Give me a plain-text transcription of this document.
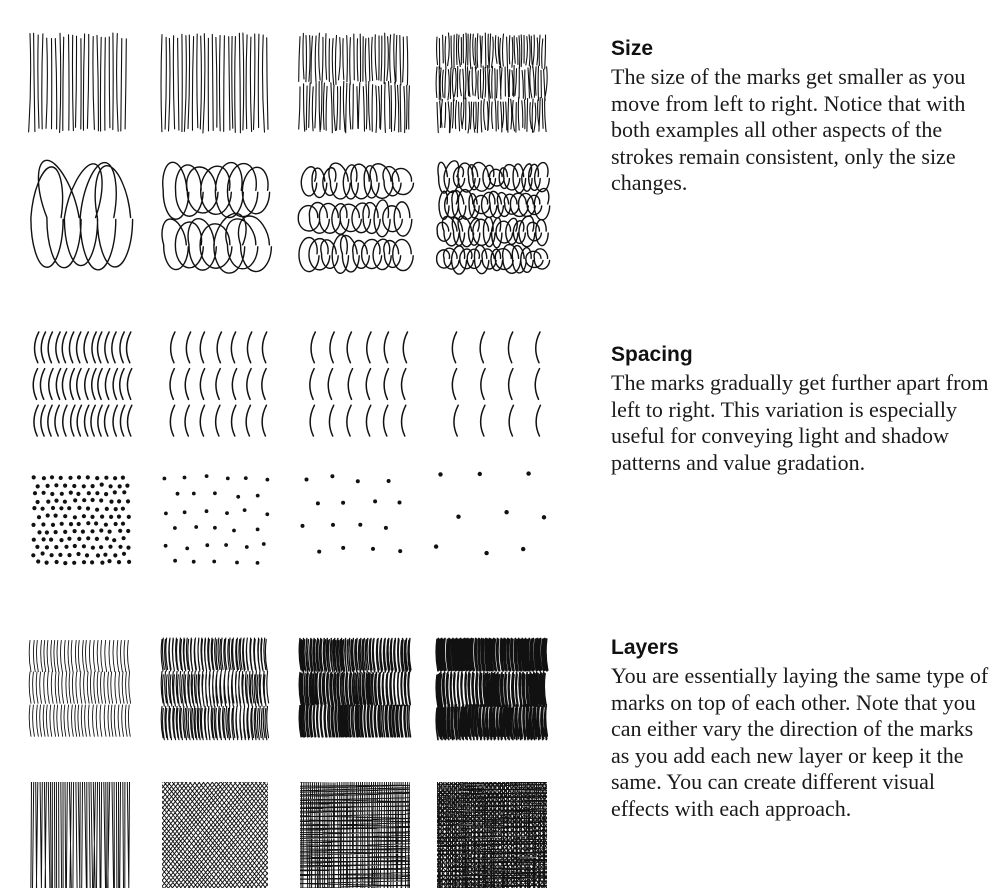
Size

The size of the marks get smaller as you move from left to right. Notice that with both examples all other aspects of the strokes remain consistent, only the size changes.

Spacing

The marks gradually get further apart from left to right. This variation is especially useful for conveying light and shadow patterns and value gradation.

Layers

You are essentially laying the same type of marks on top of each other. Note that you can either vary the direction of the marks as you add each new layer or keep it the same. You can create different visual effects with each approach.
